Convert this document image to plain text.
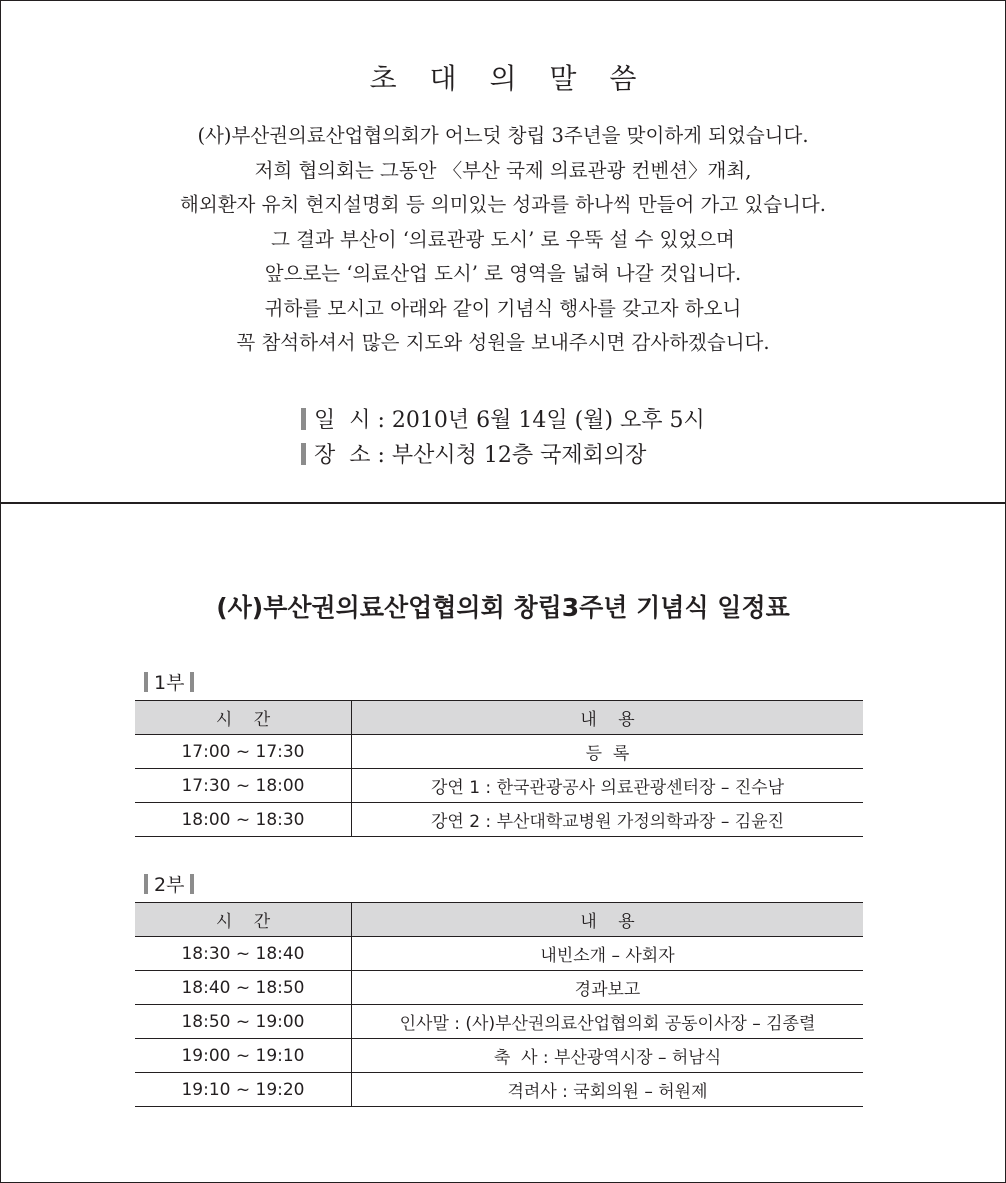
초 대 의 말 씀
(사)부산권의료산업협의회가 어느덧 창립 3주년을 맞이하게 되었습니다.
저희 협의회는 그동안 〈부산 국제 의료관광 컨벤션〉개최,
해외환자 유치 현지설명회 등 의미있는 성과를 하나씩 만들어 가고 있습니다.
그 결과 부산이 ‘의료관광 도시’ 로 우뚝 설 수 있었으며
앞으로는 ‘의료산업 도시’ 로 영역을 넓혀 나갈 것입니다.
귀하를 모시고 아래와 같이 기념식 행사를 갖고자 하오니
꼭 참석하셔서 많은 지도와 성원을 보내주시면 감사하겠습니다.
일  시 : 2010년 6월 14일 (월) 오후 5시
장  소 : 부산시청 12층 국제회의장
(사)부산권의료산업협의회 창립3주년 기념식 일정표
1부
시 간	내 용
17:00 ~ 17:30	등  록
17:30 ~ 18:00	강연 1 : 한국관광공사 의료관광센터장 – 진수남
18:00 ~ 18:30	강연 2 : 부산대학교병원 가정의학과장 – 김윤진
2부
시 간	내 용
18:30 ~ 18:40	내빈소개 – 사회자
18:40 ~ 18:50	경과보고
18:50 ~ 19:00	인사말 : (사)부산권의료산업협의회 공동이사장 – 김종렬
19:00 ~ 19:10	축  사 : 부산광역시장 – 허남식
19:10 ~ 19:20	격려사 : 국회의원 – 허원제
